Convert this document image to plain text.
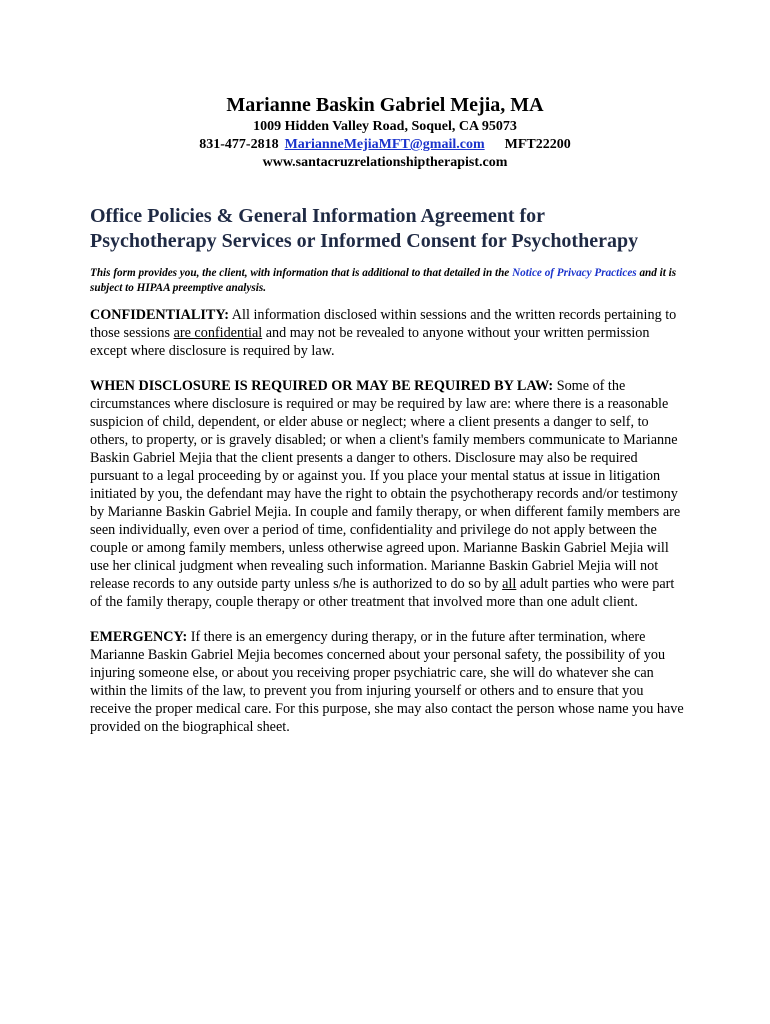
Marianne Baskin Gabriel Mejia, MA
1009 Hidden Valley Road, Soquel, CA 95073
831-477-2818 MarianneMejiaMFT@gmail.com MFT22200
www.santacruzrelationshiptherapist.com
Office Policies & General Information Agreement for
Psychotherapy Services or Informed Consent for Psychotherapy
This form provides you, the client, with information that is additional to that detailed in the Notice of Privacy Practices and it is subject to HIPAA preemptive analysis.
CONFIDENTIALITY: All information disclosed within sessions and the written records pertaining to those sessions are confidential and may not be revealed to anyone without your written permission except where disclosure is required by law.
WHEN DISCLOSURE IS REQUIRED OR MAY BE REQUIRED BY LAW: Some of the circumstances where disclosure is required or may be required by law are: where there is a reasonable suspicion of child, dependent, or elder abuse or neglect; where a client presents a danger to self, to others, to property, or is gravely disabled; or when a client's family members communicate to Marianne Baskin Gabriel Mejia that the client presents a danger to others. Disclosure may also be required pursuant to a legal proceeding by or against you. If you place your mental status at issue in litigation initiated by you, the defendant may have the right to obtain the psychotherapy records and/or testimony by Marianne Baskin Gabriel Mejia. In couple and family therapy, or when different family members are seen individually, even over a period of time, confidentiality and privilege do not apply between the couple or among family members, unless otherwise agreed upon. Marianne Baskin Gabriel Mejia will use her clinical judgment when revealing such information. Marianne Baskin Gabriel Mejia will not release records to any outside party unless s/he is authorized to do so by all adult parties who were part of the family therapy, couple therapy or other treatment that involved more than one adult client.
EMERGENCY: If there is an emergency during therapy, or in the future after termination, where Marianne Baskin Gabriel Mejia becomes concerned about your personal safety, the possibility of you injuring someone else, or about you receiving proper psychiatric care, she will do whatever she can within the limits of the law, to prevent you from injuring yourself or others and to ensure that you receive the proper medical care. For this purpose, she may also contact the person whose name you have provided on the biographical sheet.
